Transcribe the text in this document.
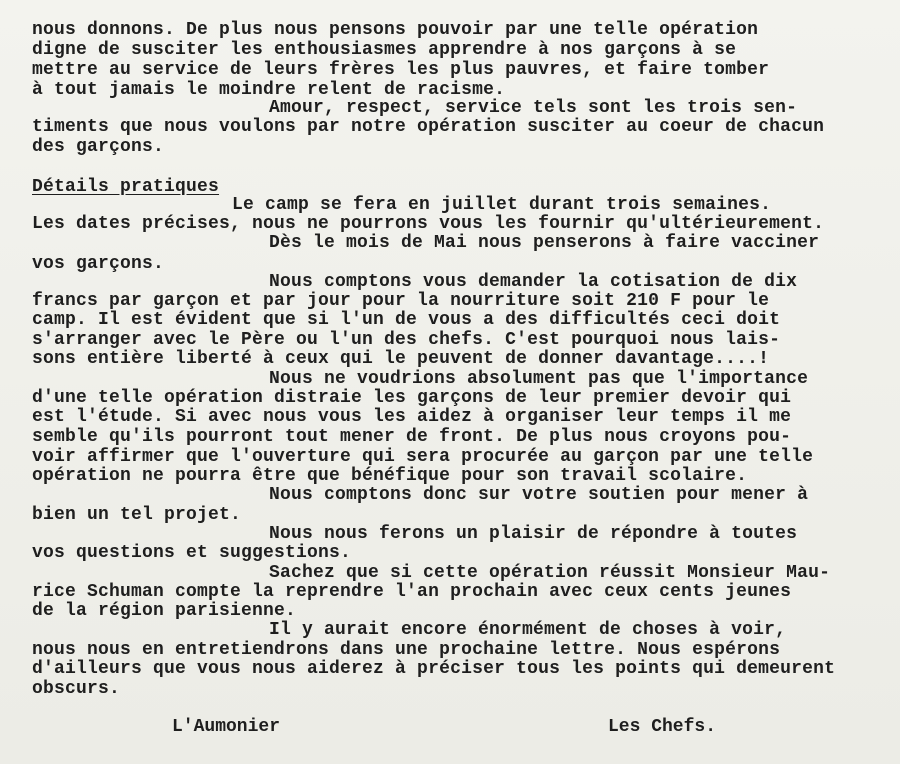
nous donnons. De plus nous pensons pouvoir par une telle opération
digne de susciter les enthousiasmes apprendre à nos garçons à se
mettre au service de leurs frères les plus pauvres, et faire tomber
à tout jamais le moindre relent de racisme.
Amour, respect, service tels sont les trois sen-
timents que nous voulons par notre opération susciter au coeur de chacun
des garçons.
Détails pratiques
Le camp se fera en juillet durant trois semaines.
Les dates précises, nous ne pourrons vous les fournir qu'ultérieurement.
Dès le mois de Mai nous penserons à faire vacciner
vos garçons.
Nous comptons vous demander la cotisation de dix
francs par garçon et par jour pour la nourriture soit 210 F pour le
camp. Il est évident que si l'un de vous a des difficultés ceci doit
s'arranger avec le Père ou l'un des chefs. C'est pourquoi nous lais-
sons entière liberté à ceux qui le peuvent de donner davantage....!
Nous ne voudrions absolument pas que l'importance
d'une telle opération distraie les garçons de leur premier devoir qui
est l'étude. Si avec nous vous les aidez à organiser leur temps il me
semble qu'ils pourront tout mener de front. De plus nous croyons pou-
voir affirmer que l'ouverture qui sera procurée au garçon par une telle
opération ne pourra être que bénéfique pour son travail scolaire.
Nous comptons donc sur votre soutien pour mener à
bien un tel projet.
Nous nous ferons un plaisir de répondre à toutes
vos questions et suggestions.
Sachez que si cette opération réussit Monsieur Mau-
rice Schuman compte la reprendre l'an prochain avec ceux cents jeunes
de la région parisienne.
Il y aurait encore énormément de choses à voir,
nous nous en entretiendrons dans une prochaine lettre. Nous espérons
d'ailleurs que vous nous aiderez à préciser tous les points qui demeurent
obscurs.
L'Aumonier	Les Chefs.
